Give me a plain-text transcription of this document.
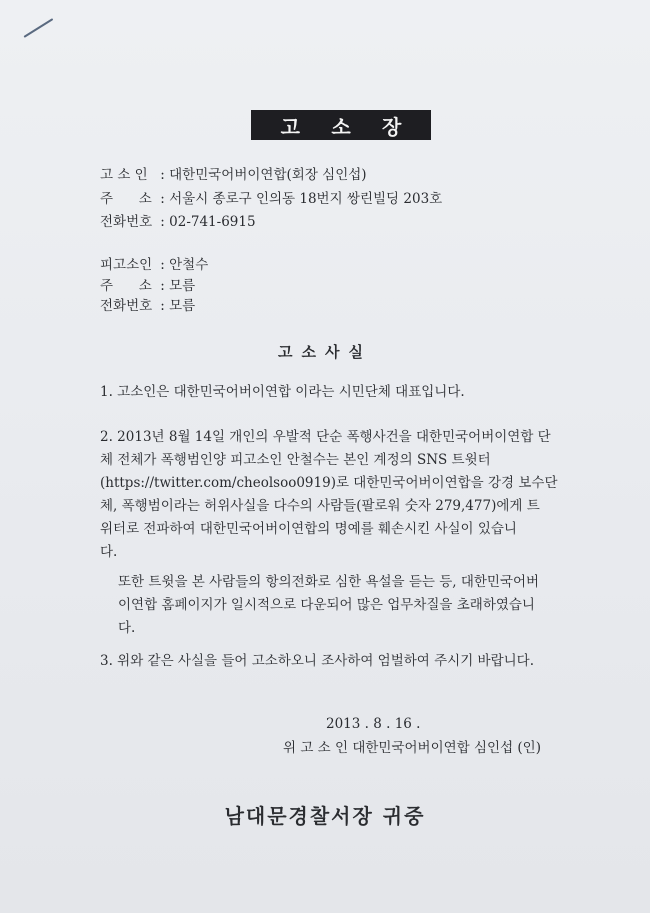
고 소 장
고 소 인 : 대한민국어버이연합(회장 심인섭)
주      소 : 서울시 종로구 인의동 18번지 쌍린빌딩 203호
전화번호 : 02-741-6915
피고소인 : 안철수
주      소 : 모름
전화번호 : 모름
고소사실
1. 고소인은 대한민국어버이연합 이라는 시민단체 대표입니다.
2. 2013년 8월 14일 개인의 우발적 단순 폭행사건을 대한민국어버이연합 단
체 전체가 폭행범인양 피고소인 안철수는 본인 계정의 SNS 트윗터
(https://twitter.com/cheolsoo0919)로 대한민국어버이연합을 강경 보수단
체, 폭행범이라는 허위사실을 다수의 사람들(팔로워 숫자 279,477)에게 트
위터로 전파하여 대한민국어버이연합의 명예를 훼손시킨 사실이 있습니
다.
또한 트윗을 본 사람들의 항의전화로 심한 욕설을 듣는 등, 대한민국어버
이연합 홈페이지가 일시적으로 다운되어 많은 업무차질을 초래하였습니
다.
3. 위와 같은 사실을 들어 고소하오니 조사하여 엄벌하여 주시기 바랍니다.
2013 . 8 . 16 .
위 고 소 인 대한민국어버이연합 심인섭 (인)
남대문경찰서장 귀중
